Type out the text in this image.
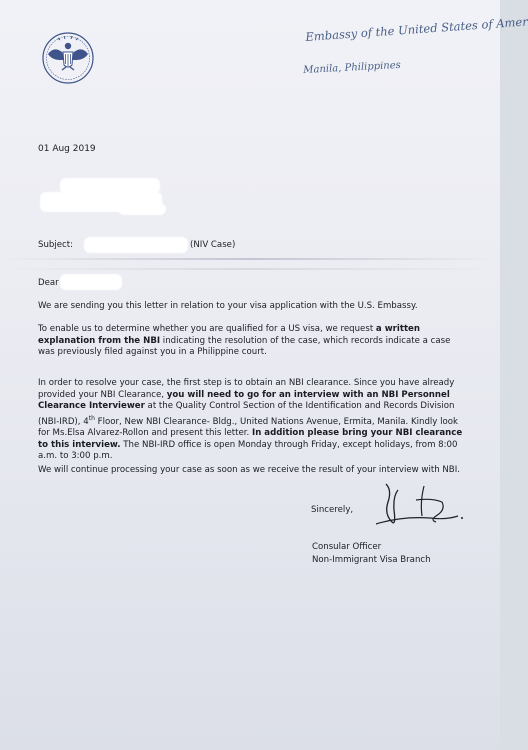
Embassy of the United States of Amer
Manila, Philippines
01 Aug 2019
Subject:	(NIV Case)
Dear
We are sending you this letter in relation to your visa application with the U.S. Embassy.
To enable us to determine whether you are qualified for a US visa, we request a written explanation from the NBI indicating the resolution of the case, which records indicate a case was previously filed against you in a Philippine court.
In order to resolve your case, the first step is to obtain an NBI clearance. Since you have already provided your NBI Clearance, you will need to go for an interview with an NBI Personnel Clearance Interviewer at the Quality Control Section of the Identification and Records Division (NBI-IRD), 4th Floor, New NBI Clearance- Bldg., United Nations Avenue, Ermita, Manila. Kindly look for Ms.Elsa Alvarez-Rollon and present this letter. In addition please bring your NBI clearance to this interview. The NBI-IRD office is open Monday through Friday, except holidays, from 8:00 a.m. to 3:00 p.m.
We will continue processing your case as soon as we receive the result of your interview with NBI.
Sincerely,
Consular Officer
Non-Immigrant Visa Branch
